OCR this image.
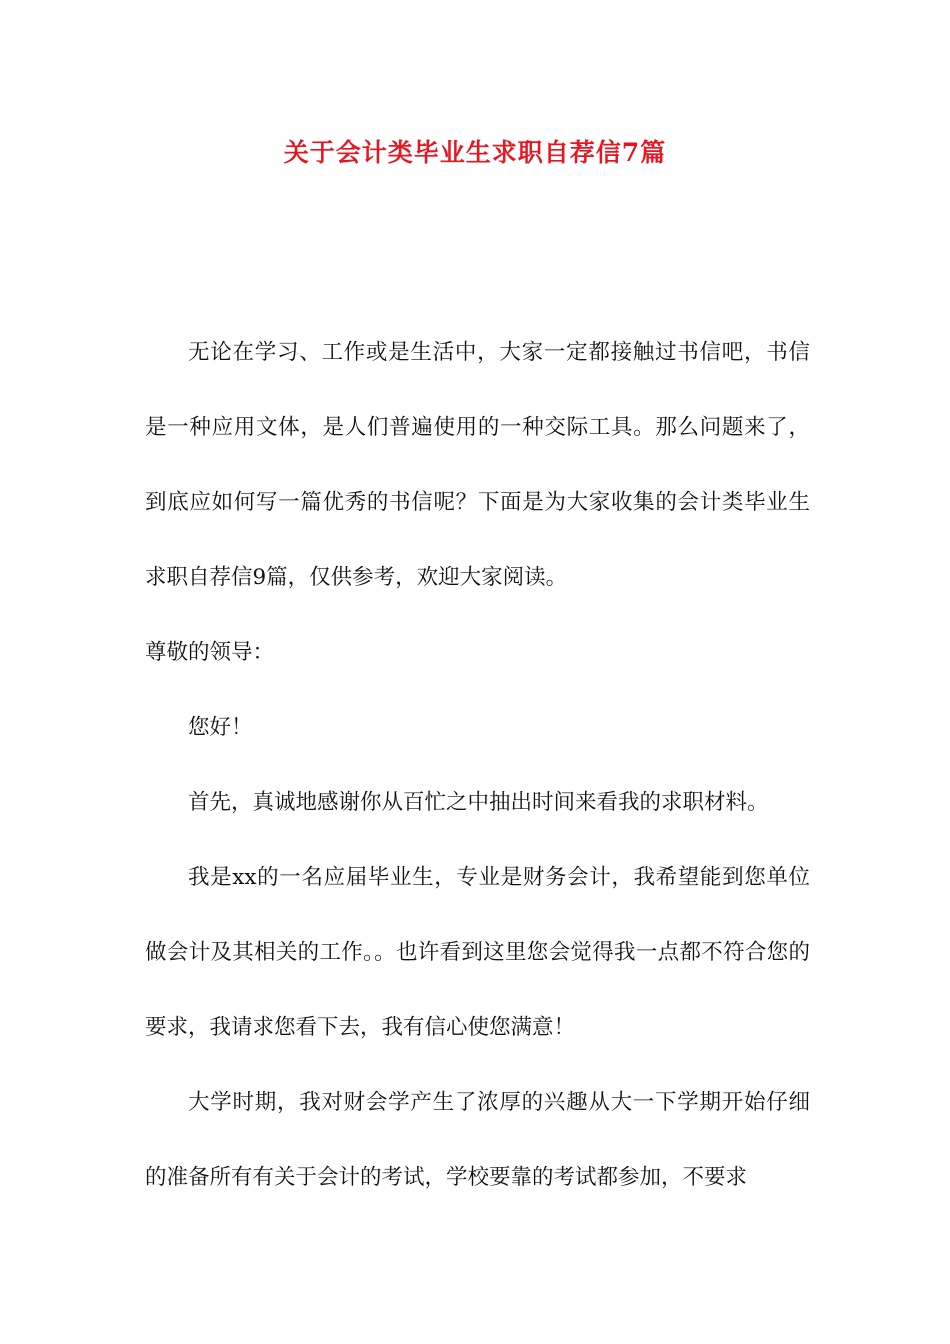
关于会计类毕业生求职自荐信7篇

无论在学习、工作或是生活中，大家一定都接触过书信吧，书信是一种应用文体，是人们普遍使用的一种交际工具。那么问题来了，到底应如何写一篇优秀的书信呢？下面是为大家收集的会计类毕业生求职自荐信9篇，仅供参考，欢迎大家阅读。

尊敬的领导：

您好！

首先，真诚地感谢你从百忙之中抽出时间来看我的求职材料。

我是xx的一名应届毕业生，专业是财务会计，我希望能到您单位做会计及其相关的工作。。也许看到这里您会觉得我一点都不符合您的要求，我请求您看下去，我有信心使您满意！

大学时期，我对财会学产生了浓厚的兴趣从大一下学期开始仔细的准备所有有关于会计的考试，学校要靠的考试都参加，不要求
